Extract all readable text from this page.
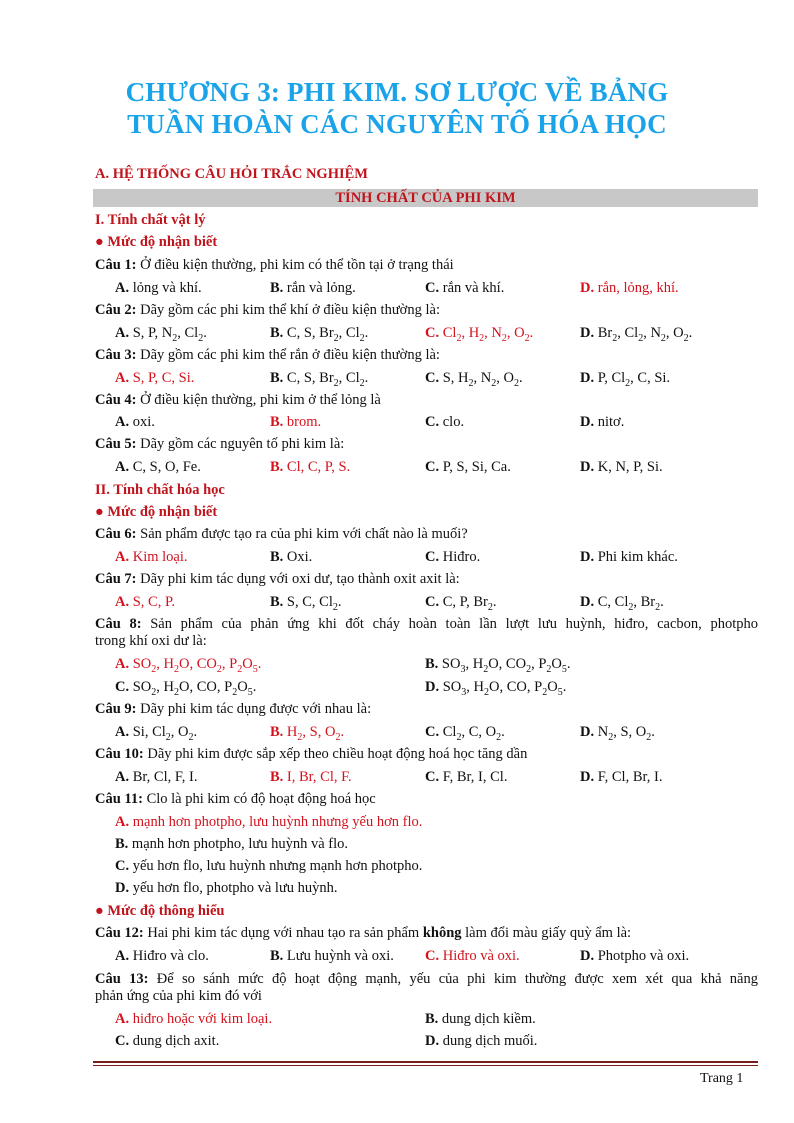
CHƯƠNG 3: PHI KIM. SƠ LƯỢC VỀ BẢNG
TUẦN HOÀN CÁC NGUYÊN TỐ HÓA HỌC
A. HỆ THỐNG CÂU HỎI TRẮC NGHIỆM
TÍNH CHẤT CỦA PHI KIM
I. Tính chất vật lý
● Mức độ nhận biết
Câu 1: Ở điều kiện thường, phi kim có thể tồn tại ở trạng thái
A. lỏng và khí.	B. rắn và lỏng.	C. rắn và khí.	D. rắn, lỏng, khí.
Câu 2: Dãy gồm các phi kim thể khí ở điều kiện thường là:
A. S, P, $N_2$, $Cl_2$.	B. C, S, $Br_2$, $Cl_2$.	C. $Cl_2$, $H_2$, $N_2$, $O_2$.	D. $Br_2$, $Cl_2$, $N_2$, $O_2$.
Câu 3: Dãy gồm các phi kim thể rắn ở điều kiện thường là:
A. S, P, C, Si.	B. C, S, $Br_2$, $Cl_2$.	C. S, $H_2$, $N_2$, $O_2$.	D. P, $Cl_2$, C, Si.
Câu 4: Ở điều kiện thường, phi kim ở thể lỏng là
A. oxi.	B. brom.	C. clo.	D. nitơ.
Câu 5: Dãy gồm các nguyên tố phi kim là:
A. C, S, O, Fe.	B. Cl, C, P, S.	C. P, S, Si, Ca.	D. K, N, P, Si.
II. Tính chất hóa học
● Mức độ nhận biết
Câu 6: Sản phẩm được tạo ra của phi kim với chất nào là muối?
A. Kim loại.	B. Oxi.	C. Hiđro.	D. Phi kim khác.
Câu 7: Dãy phi kim tác dụng với oxi dư, tạo thành oxit axit là:
A. S, C, P.	B. S, C, $Cl_2$.	C. C, P, $Br_2$.	D. C, $Cl_2$, $Br_2$.
Câu 8: Sản phẩm của phản ứng khi đốt cháy hoàn toàn lần lượt lưu huỳnh, hiđro, cacbon, photpho
trong khí oxi dư là:
A. $SO_2$, $H_2O$, $CO_2$, $P_2O_5$.	B. $SO_3$, $H_2O$, $CO_2$, $P_2O_5$.
C. $SO_2$, $H_2O$, CO, $P_2O_5$.	D. $SO_3$, $H_2O$, CO, $P_2O_5$.
Câu 9: Dãy phi kim tác dụng được với nhau là:
A. Si, $Cl_2$, $O_2$.	B. $H_2$, S, $O_2$.	C. $Cl_2$, C, $O_2$.	D. $N_2$, S, $O_2$.
Câu 10: Dãy phi kim được sắp xếp theo chiều hoạt động hoá học tăng dần
A. Br, Cl, F, I.	B. I, Br, Cl, F.	C. F, Br, I, Cl.	D. F, Cl, Br, I.
Câu 11: Clo là phi kim có độ hoạt động hoá học
A. mạnh hơn photpho, lưu huỳnh nhưng yếu hơn flo.
B. mạnh hơn photpho, lưu huỳnh và flo.
C. yếu hơn flo, lưu huỳnh nhưng mạnh hơn photpho.
D. yếu hơn flo, photpho và lưu huỳnh.
● Mức độ thông hiểu
Câu 12: Hai phi kim tác dụng với nhau tạo ra sản phẩm không làm đổi màu giấy quỳ ẩm là:
A. Hiđro và clo.	B. Lưu huỳnh và oxi. C. Hiđro và oxi.	D. Photpho và oxi.
Câu 13: Để so sánh mức độ hoạt động mạnh, yếu của phi kim thường được xem xét qua khả năng
phản ứng của phi kim đó với
A. hiđro hoặc với kim loại.	B. dung dịch kiềm.
C. dung dịch axit.	D. dung dịch muối.
Trang 1
